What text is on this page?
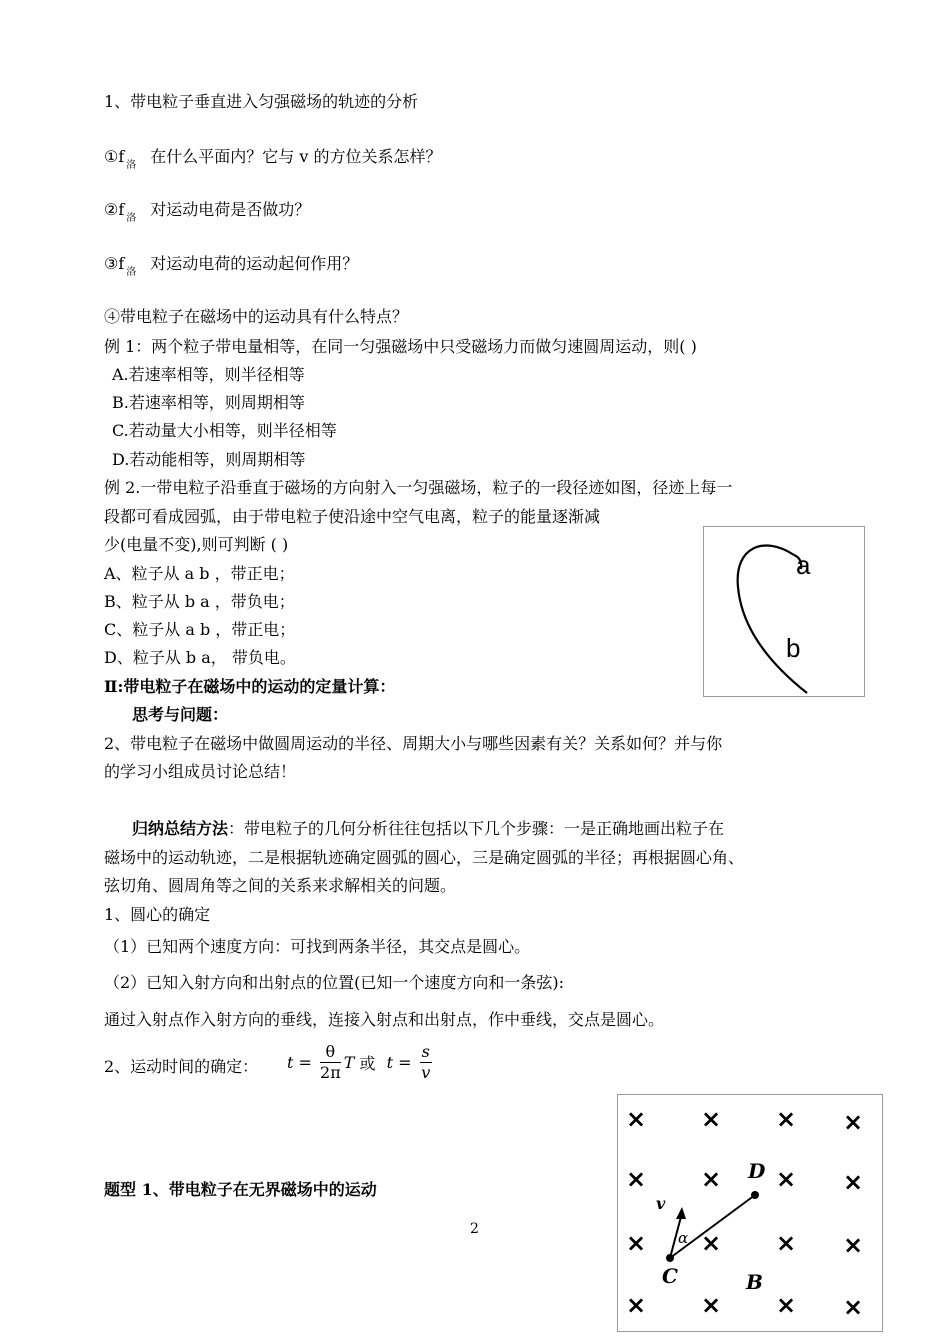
1、带电粒子垂直进入匀强磁场的轨迹的分析
①f $_洛$ 在什么平面内？它与 v 的方位关系怎样？
②f $_洛$ 对运动电荷是否做功？
③f $_洛$ 对运动电荷的运动起何作用？
④带电粒子在磁场中的运动具有什么特点？
例 1：两个粒子带电量相等，在同一匀强磁场中只受磁场力而做匀速圆周运动，则( )
A.若速率相等，则半径相等
B.若速率相等，则周期相等
C.若动量大小相等，则半径相等
D.若动能相等，则周期相等
例 2.一带电粒子沿垂直于磁场的方向射入一匀强磁场，粒子的一段径迹如图，径迹上每一
段都可看成园弧，由于带电粒子使沿途中空气电离，粒子的能量逐渐减
少(电量不变),则可判断 ( )
A、粒子从 a b ，带正电；
B、粒子从 b a ，带负电；
C、粒子从 a b ，带正电；
D、粒子从 b a， 带负电。
a
b
Ⅱ:带电粒子在磁场中的运动的定量计算：
思考与问题：
2、带电粒子在磁场中做圆周运动的半径、周期大小与哪些因素有关？关系如何？并与你
的学习小组成员讨论总结！
归纳总结方法：带电粒子的几何分析往往包括以下几个步骤：一是正确地画出粒子在
磁场中的运动轨迹，二是根据轨迹确定圆弧的圆心，三是确定圆弧的半径；再根据圆心角、
弦切角、圆周角等之间的关系来求解相关的问题。
1、圆心的确定
（1）已知两个速度方向：可找到两条半径，其交点是圆心。
（2）已知入射方向和出射点的位置(已知一个速度方向和一条弦):
通过入射点作入射方向的垂线，连接入射点和出射点，作中垂线，交点是圆心。
2、运动时间的确定： $t = \frac{\theta}{2\pi}$ T 或 $t = \frac{s}{v}$
题型 1、带电粒子在无界磁场中的运动
2
× × × ×
× × × ×
× × × ×
× × × ×
D
C	B
v
α
